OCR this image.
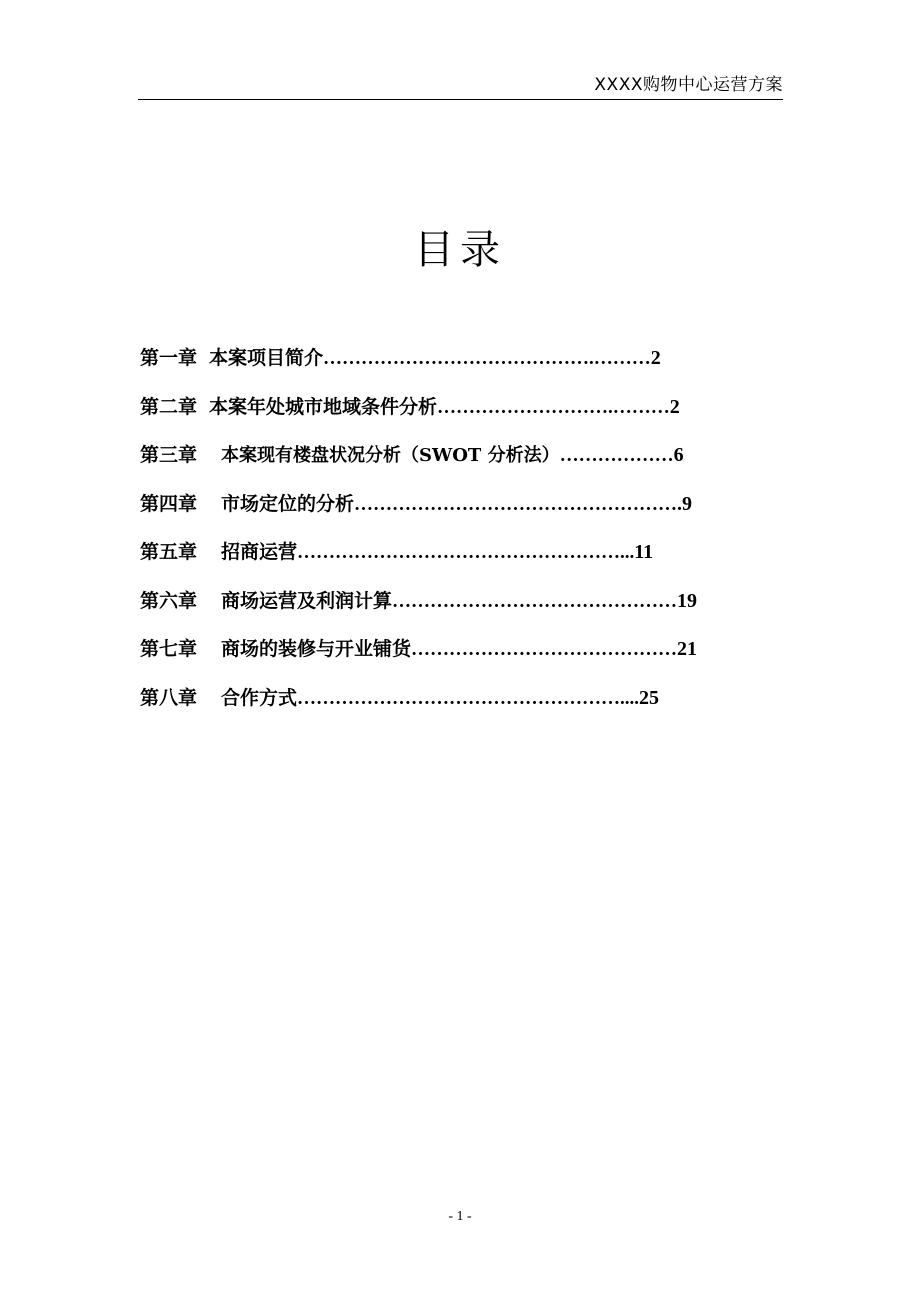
XXXX购物中心运营方案
目录
第一章 本案项目简介…………………………………….………2
第二章 本案年处城市地域条件分析……………………….………2
第三章 本案现有楼盘状况分析（SWOT 分析法）………………6
第四章 市场定位的分析…………………………………………….9
第五章 招商运营……………………………………………...11
第六章 商场运营及利润计算………………………………………19
第七章 商场的装修与开业铺货……………………………………21
第八章 合作方式……………………………………………....25
- 1 -
